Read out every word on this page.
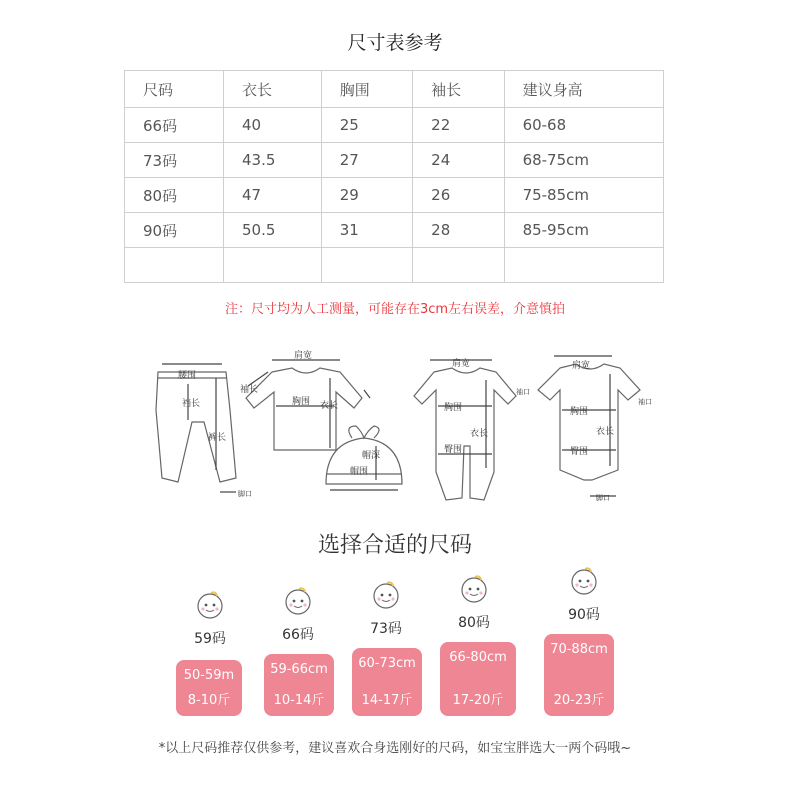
尺寸表参考
尺码	衣长	胸围	袖长	建议身高
66码	40	25	22	60-68
73码	43.5	27	24	68-75cm
80码	47	29	26	75-85cm
90码	50.5	31	28	85-95cm

注：尺寸均为人工测量，可能存在3cm左右误差，介意慎拍
腰围
裆长
裤长
脚口
肩宽
袖长
胸围 衣长
帽深
帽围
肩宽
袖口
胸围
衣长
臀围
肩宽
袖口
胸围
臀围
衣长
脚口
选择合适的尺码
59码	66码	73码	80码	90码
50-59m
8-10斤
59-66cm
10-14斤
60-73cm
14-17斤
66-80cm
17-20斤
70-88cm
20-23斤
*以上尺码推荐仅供参考，建议喜欢合身选刚好的尺码，如宝宝胖选大一两个码哦~
